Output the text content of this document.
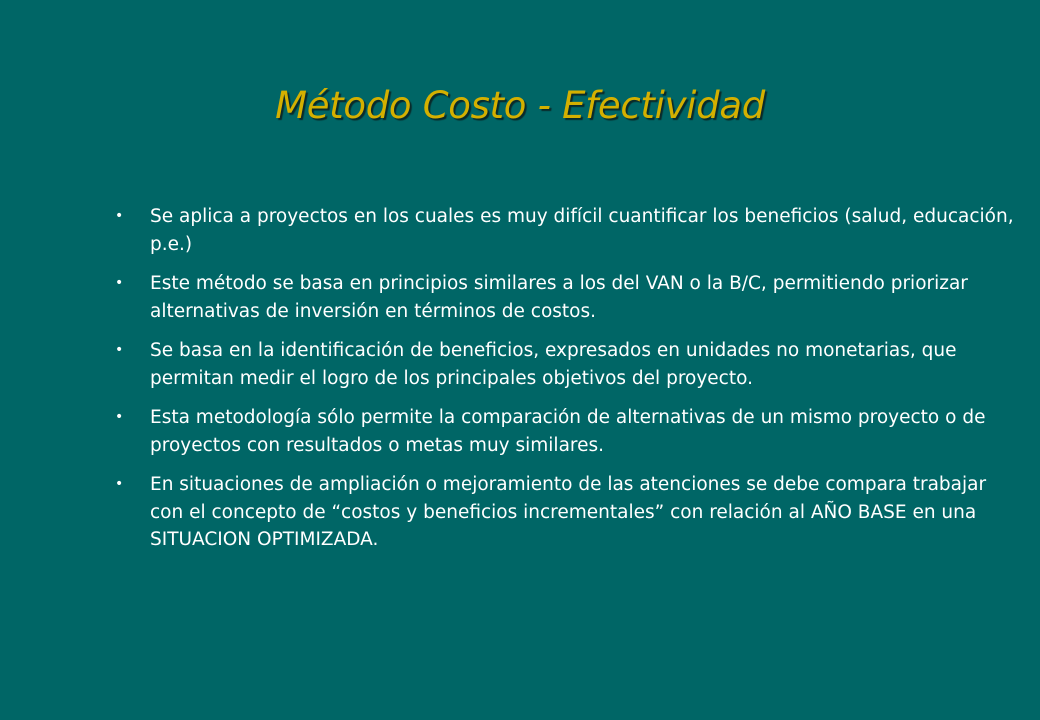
Método Costo - Efectividad
• Se aplica a proyectos en los cuales es muy difícil cuantificar los beneficios (salud, educación, p.e.)
• Este método se basa en principios similares a los del VAN o la B/C, permitiendo priorizar alternativas de inversión en términos de costos.
• Se basa en la identificación de beneficios, expresados en unidades no monetarias, que permitan medir el logro de los principales objetivos del proyecto.
• Esta metodología sólo permite la comparación de alternativas de un mismo proyecto o de proyectos con resultados o metas muy similares.
• En situaciones de ampliación o mejoramiento de las atenciones se debe compara trabajar con el concepto de “costos y beneficios incrementales” con relación al AÑO BASE en una SITUACION OPTIMIZADA.
